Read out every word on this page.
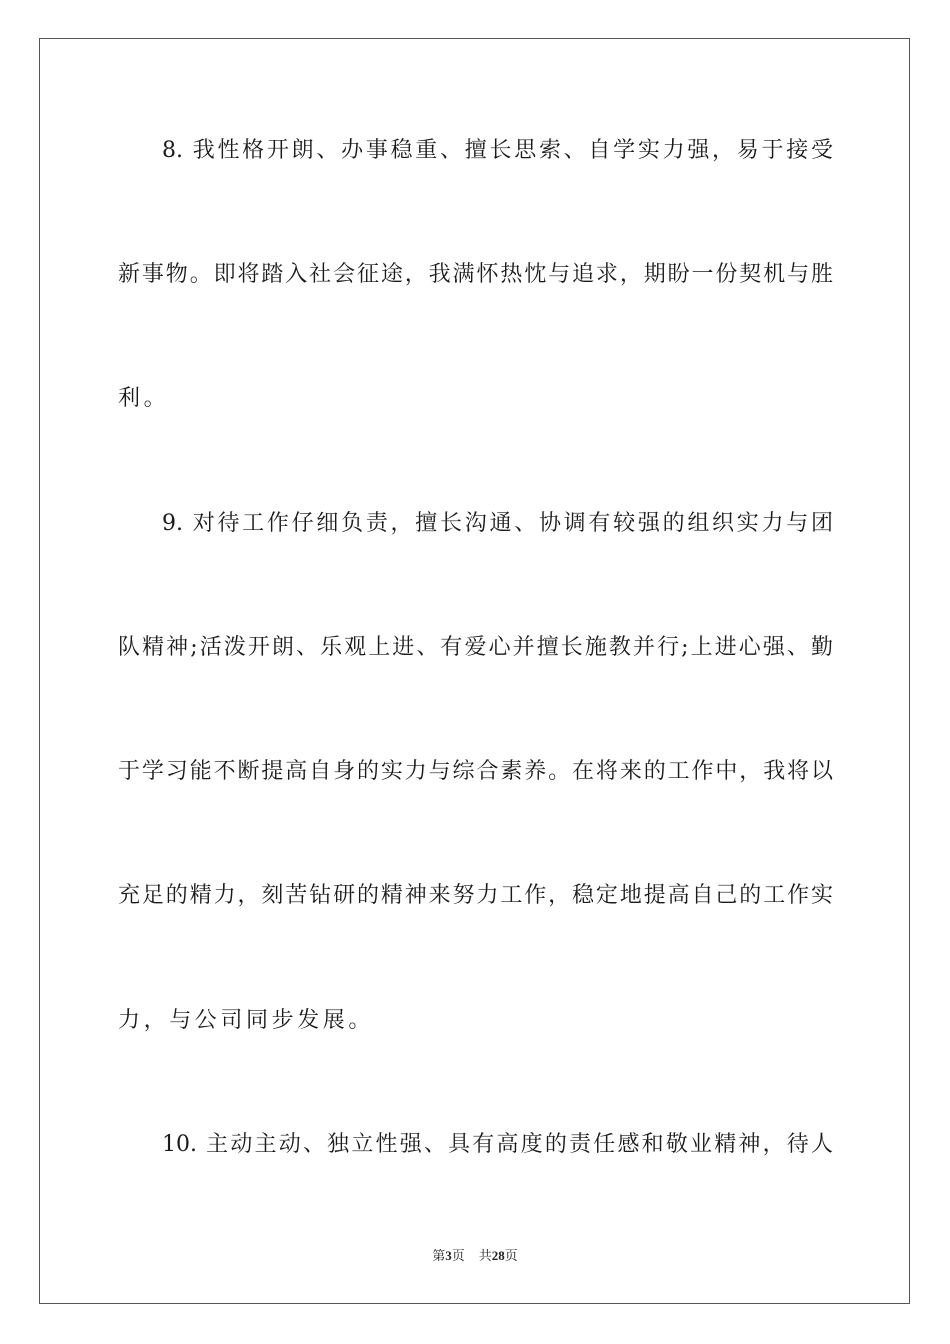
8. 我性格开朗、办事稳重、擅长思索、自学实力强，易于接受
新事物。即将踏入社会征途，我满怀热忱与追求，期盼一份契机与胜
利。
9. 对待工作仔细负责，擅长沟通、协调有较强的组织实力与团
队精神;活泼开朗、乐观上进、有爱心并擅长施教并行;上进心强、勤
于学习能不断提高自身的实力与综合素养。在将来的工作中，我将以
充足的精力，刻苦钻研的精神来努力工作，稳定地提高自己的工作实
力，与公司同步发展。
10. 主动主动、独立性强、具有高度的责任感和敬业精神，待人
第3页 共28页
